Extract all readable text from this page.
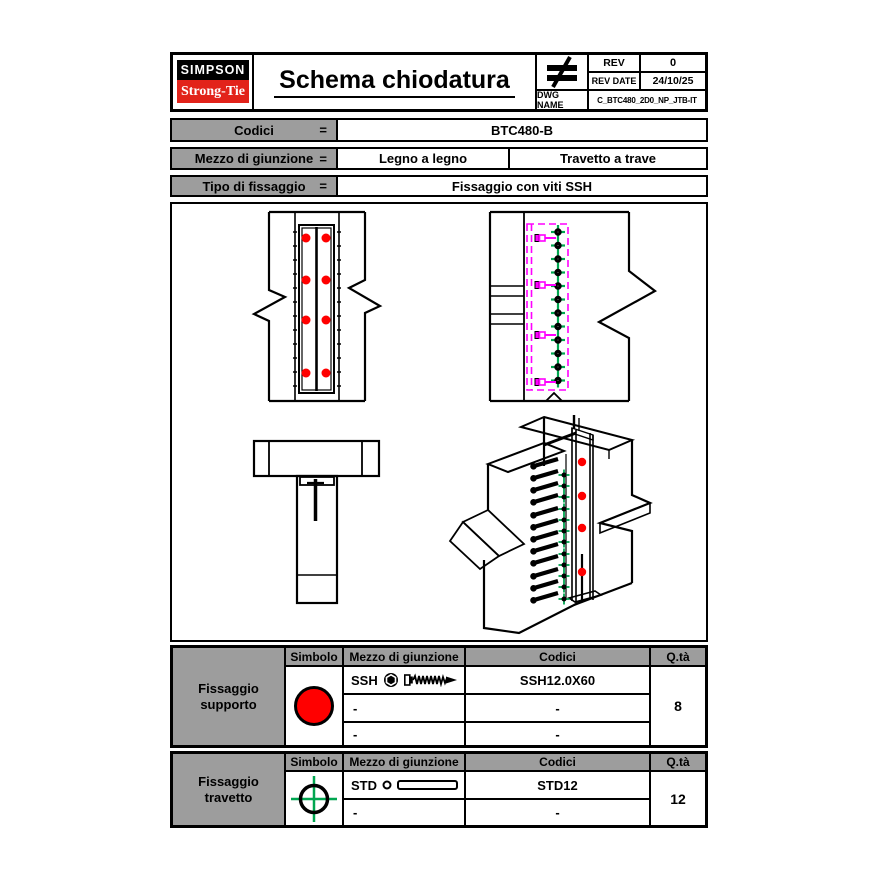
SIMPSON
Strong-Tie Schema chiodatura
REV	0
REV DATE	24/10/25
DWG NAME	C_BTC480_2D0_NP_JTB-IT
Codici	=	BTC480-B
Mezzo di giunzione =	Legno a legno	Travetto a trave
Tipo di fissaggio =	Fissaggio con viti SSH
Fissaggio supporto
Simbolo Mezzo di giunzione	Codici	Q.tà
SSH	SSH12.0X60
-	-
-	-
8
Fissaggio travetto
Simbolo Mezzo di giunzione	Codici	Q.tà
STD	STD12
-	-
12
